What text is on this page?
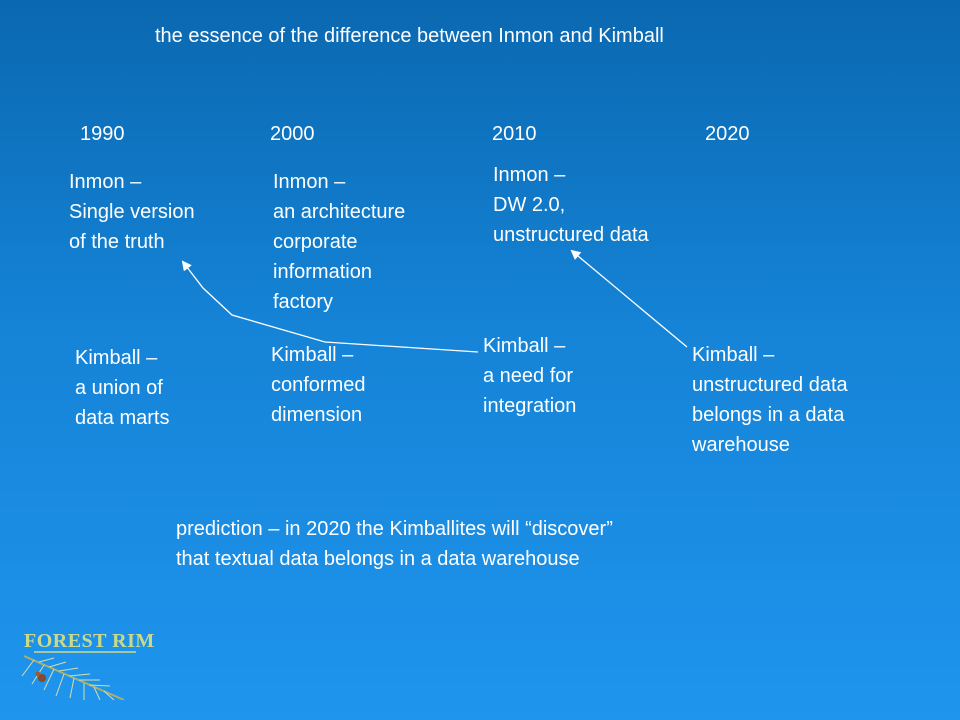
the essence of the difference between Inmon and Kimball
1990	2000	2010	2020
Inmon –
Single version
of the truth
Inmon –
an architecture
corporate
information
factory
Inmon –
DW 2.0,
unstructured data
Kimball –
a union of
data marts
Kimball –
conformed
dimension
Kimball –
a need for
integration
Kimball –
unstructured data
belongs in a data
warehouse
prediction – in 2020 the Kimballites will “discover”
that textual data belongs in a data warehouse
FOREST RIM
